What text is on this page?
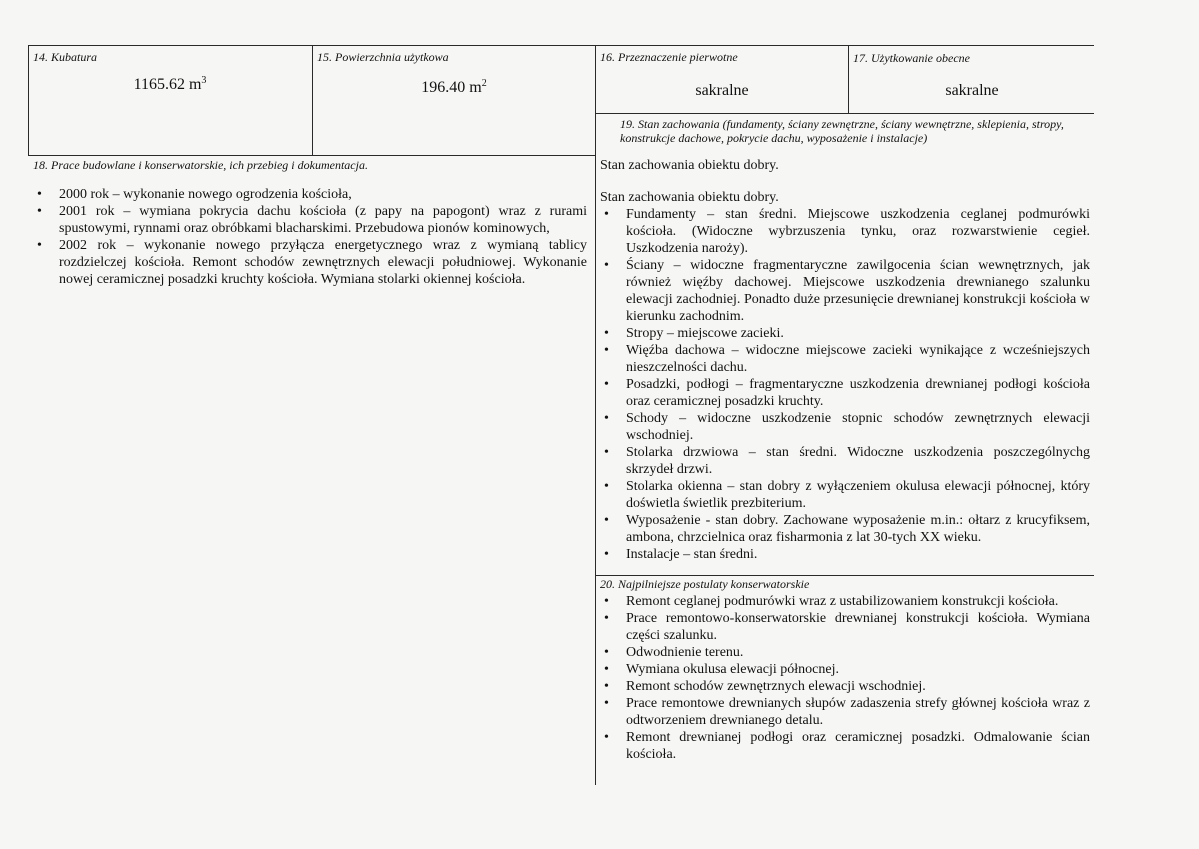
14. Kubatura
1165.62 $m^3$
15. Powierzchnia użytkowa
196.40 $m^2$
16. Przeznaczenie pierwotne
sakralne
17. Użytkowanie obecne
sakralne
18. Prace budowlane i konserwatorskie, ich przebieg i dokumentacja.
• 2000 rok – wykonanie nowego ogrodzenia kościoła,
• 2001 rok – wymiana pokrycia dachu kościoła (z papy na papogont) wraz z rurami spustowymi, rynnami oraz obróbkami blacharskimi. Przebudowa pionów kominowych,
• 2002 rok – wykonanie nowego przyłącza energetycznego wraz z wymianą tablicy rozdzielczej kościoła. Remont schodów zewnętrznych elewacji południowej. Wykonanie nowej ceramicznej posadzki kruchty kościoła. Wymiana stolarki okiennej kościoła.
19. Stan zachowania (fundamenty, ściany zewnętrzne, ściany wewnętrzne, sklepienia, stropy, konstrukcje dachowe, pokrycie dachu, wyposażenie i instalacje)
Stan zachowania obiektu dobry.
Stan zachowania obiektu dobry.
• Fundamenty – stan średni. Miejscowe uszkodzenia ceglanej podmurówki kościoła. (Widoczne wybrzuszenia tynku, oraz rozwarstwienie cegieł. Uszkodzenia naroży).
• Ściany – widoczne fragmentaryczne zawilgocenia ścian wewnętrznych, jak również więźby dachowej. Miejscowe uszkodzenia drewnianego szalunku elewacji zachodniej. Ponadto duże przesunięcie drewnianej konstrukcji kościoła w kierunku zachodnim.
• Stropy – miejscowe zacieki.
• Więźba dachowa – widoczne miejscowe zacieki wynikające z wcześniejszych nieszczelności dachu.
• Posadzki, podłogi – fragmentaryczne uszkodzenia drewnianej podłogi kościoła oraz ceramicznej posadzki kruchty.
• Schody – widoczne uszkodzenie stopnic schodów zewnętrznych elewacji wschodniej.
• Stolarka drzwiowa – stan średni. Widoczne uszkodzenia poszczególnychg skrzydeł drzwi.
• Stolarka okienna – stan dobry z wyłączeniem okulusa elewacji północnej, który doświetla świetlik prezbiterium.
• Wyposażenie - stan dobry. Zachowane wyposażenie m.in.: ołtarz z krucyfiksem, ambona, chrzcielnica oraz fisharmonia z lat 30-tych XX wieku.
• Instalacje – stan średni.
20. Najpilniejsze postulaty konserwatorskie
• Remont ceglanej podmurówki wraz z ustabilizowaniem konstrukcji kościoła.
• Prace remontowo-konserwatorskie drewnianej konstrukcji kościoła. Wymiana części szalunku.
• Odwodnienie terenu.
• Wymiana okulusa elewacji północnej.
• Remont schodów zewnętrznych elewacji wschodniej.
• Prace remontowe drewnianych słupów zadaszenia strefy głównej kościoła wraz z odtworzeniem drewnianego detalu.
• Remont drewnianej podłogi oraz ceramicznej posadzki. Odmalowanie ścian kościoła.
